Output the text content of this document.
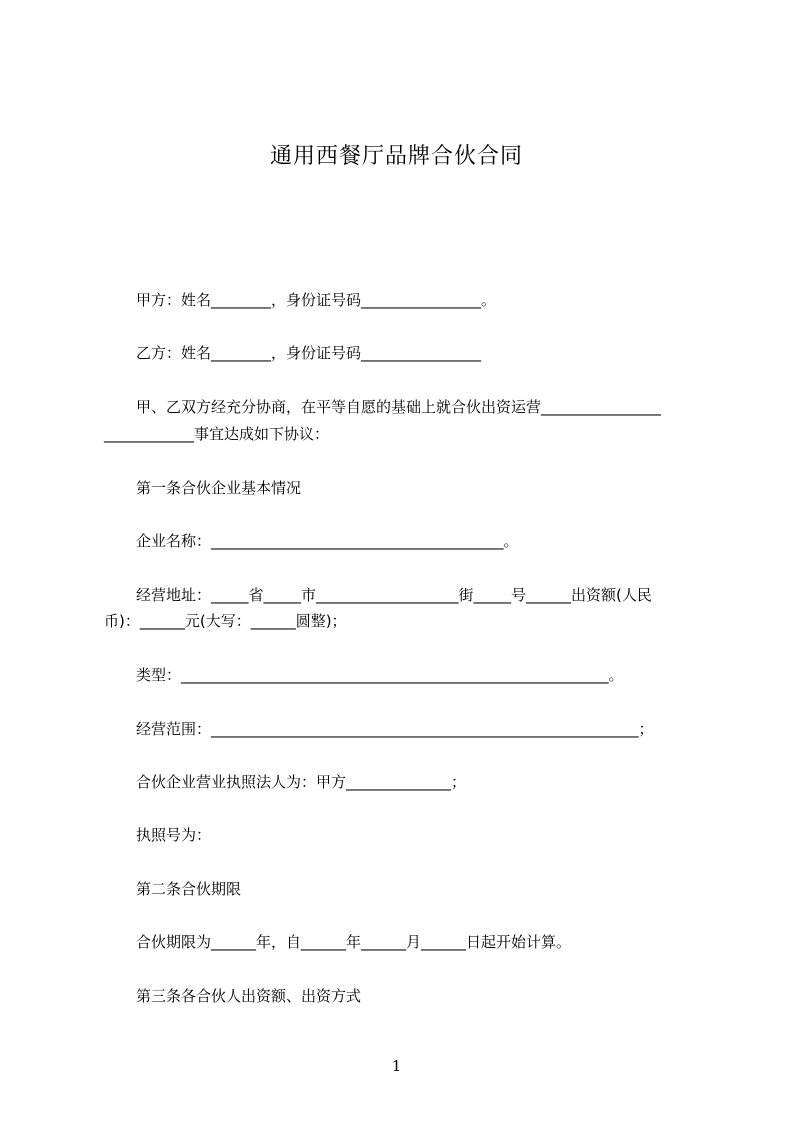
通用西餐厅品牌合伙合同
甲方：姓名________，身份证号码________________。
乙方：姓名________，身份证号码________________
甲、乙双方经充分协商，在平等自愿的基础上就合伙出资运营________________
____________事宜达成如下协议：
第一条合伙企业基本情况
企业名称：_______________________________________。
经营地址：_____省_____市___________________街_____号______出资额(人民
币)：______元(大写：______圆整)；
类型：_________________________________________________________。
经营范围：_________________________________________________________；
合伙企业营业执照法人为：甲方______________；
执照号为：
第二条合伙期限
合伙期限为______年，自______年______月______日起开始计算。
第三条各合伙人出资额、出资方式
1
